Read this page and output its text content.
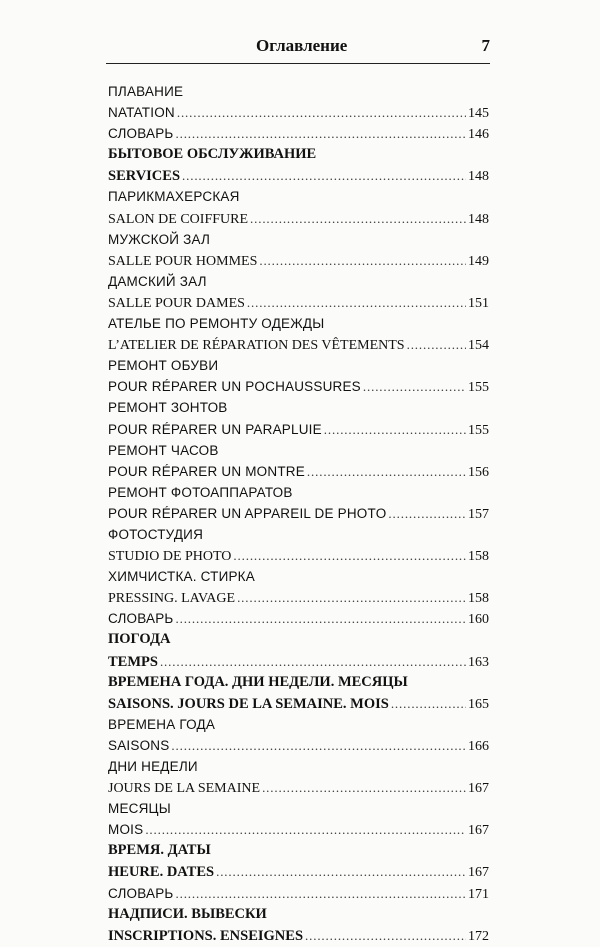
Оглавление	7
ПЛАВАНИЕ
NATATION . . .	145
СЛОВАРЬ . . .	146
БЫТОВОЕ ОБСЛУЖИВАНИЕ
SERVICES . . .	148
ПАРИКМАХЕРСКАЯ
SALON DE COIFFURE . . .	148
МУЖСКОЙ ЗАЛ
SALLE POUR HOMMES . . .	149
ДАМСКИЙ ЗАЛ
SALLE POUR DAMES . . .	151
АТЕЛЬЕ ПО РЕМОНТУ ОДЕЖДЫ
L’ATELIER DE RÉPARATION DES VÊTEMENTS . . .	154
РЕМОНТ ОБУВИ
POUR RÉPARER UN POCHAUSSURES . . .	155
РЕМОНТ ЗОНТОВ
POUR RÉPARER UN PARAPLUIE . . .	155
РЕМОНТ ЧАСОВ
POUR RÉPARER UN MONTRE . . .	156
РЕМОНТ ФОТОАППАРАТОВ
POUR RÉPARER UN APPAREIL DE PHOTO . . .	157
ФОТОСТУДИЯ
STUDIO DE PHOTO . . .	158
ХИМЧИСТКА. СТИРКА
PRESSING. LAVAGE . . .	158
СЛОВАРЬ . . .	160
ПОГОДА
TEMPS . . .	163
ВРЕМЕНА ГОДА. ДНИ НЕДЕЛИ. МЕСЯЦЫ
SAISONS. JOURS DE LA SEMAINE. MOIS . . .	165
ВРЕМЕНА ГОДА
SAISONS . . .	166
ДНИ НЕДЕЛИ
JOURS DE LA SEMAINE . . .	167
МЕСЯЦЫ
MOIS . . .	167
ВРЕМЯ. ДАТЫ
HEURE. DATES . . .	167
СЛОВАРЬ . . .	171
НАДПИСИ. ВЫВЕСКИ
INSCRIPTIONS. ENSEIGNES . . .	172
